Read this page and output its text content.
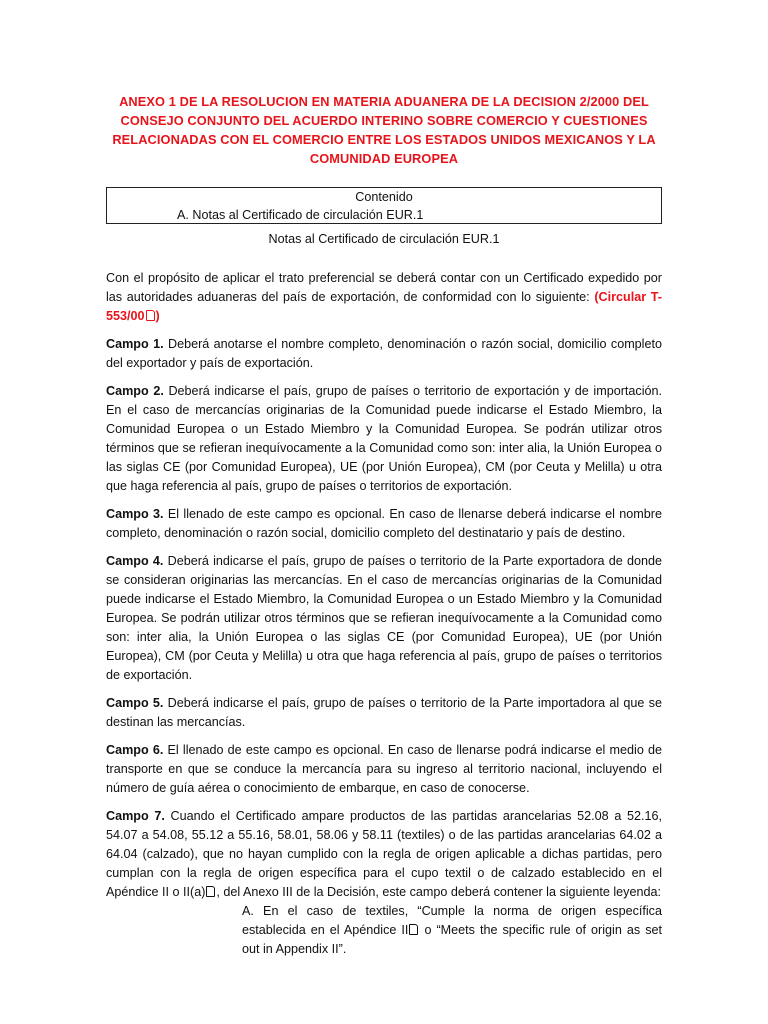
ANEXO 1 DE LA RESOLUCION EN MATERIA ADUANERA DE LA DECISION 2/2000 DEL CONSEJO CONJUNTO DEL ACUERDO INTERINO SOBRE COMERCIO Y CUESTIONES RELACIONADAS CON EL COMERCIO ENTRE LOS ESTADOS UNIDOS MEXICANOS Y LA COMUNIDAD EUROPEA
Contenido
A. Notas al Certificado de circulación EUR.1
Notas al Certificado de circulación EUR.1

Con el propósito de aplicar el trato preferencial se deberá contar con un Certificado expedido por las autoridades aduaneras del país de exportación, de conformidad con lo siguiente: (Circular T-553/00 )

Campo 1. Deberá anotarse el nombre completo, denominación o razón social, domicilio completo del exportador y país de exportación.

Campo 2. Deberá indicarse el país, grupo de países o territorio de exportación y de importación. En el caso de mercancías originarias de la Comunidad puede indicarse el Estado Miembro, la Comunidad Europea o un Estado Miembro y la Comunidad Europea. Se podrán utilizar otros términos que se refieran inequívocamente a la Comunidad como son: inter alia, la Unión Europea o las siglas CE (por Comunidad Europea), UE (por Unión Europea), CM (por Ceuta y Melilla) u otra que haga referencia al país, grupo de países o territorios de exportación.

Campo 3. El llenado de este campo es opcional. En caso de llenarse deberá indicarse el nombre completo, denominación o razón social, domicilio completo del destinatario y país de destino.

Campo 4. Deberá indicarse el país, grupo de países o territorio de la Parte exportadora de donde se consideran originarias las mercancías. En el caso de mercancías originarias de la Comunidad puede indicarse el Estado Miembro, la Comunidad Europea o un Estado Miembro y la Comunidad Europea. Se podrán utilizar otros términos que se refieran inequívocamente a la Comunidad como son: inter alia, la Unión Europea o las siglas CE (por Comunidad Europea), UE (por Unión Europea), CM (por Ceuta y Melilla) u otra que haga referencia al país, grupo de países o territorios de exportación.

Campo 5. Deberá indicarse el país, grupo de países o territorio de la Parte importadora al que se destinan las mercancías.

Campo 6. El llenado de este campo es opcional. En caso de llenarse podrá indicarse el medio de transporte en que se conduce la mercancía para su ingreso al territorio nacional, incluyendo el número de guía aérea o conocimiento de embarque, en caso de conocerse.

Campo 7. Cuando el Certificado ampare productos de las partidas arancelarias 52.08 a 52.16, 54.07 a 54.08, 55.12 a 55.16, 58.01, 58.06 y 58.11 (textiles) o de las partidas arancelarias 64.02 a 64.04 (calzado), que no hayan cumplido con la regla de origen aplicable a dichas partidas, pero cumplan con la regla de origen específica para el cupo textil o de calzado establecido en el Apéndice II o II(a) , del Anexo III de la Decisión, este campo deberá contener la siguiente leyenda:

A. En el caso de textiles, “Cumple la norma de origen específica establecida en el Apéndice II o “Meets the specific rule of origin as set out in Appendix II”.
